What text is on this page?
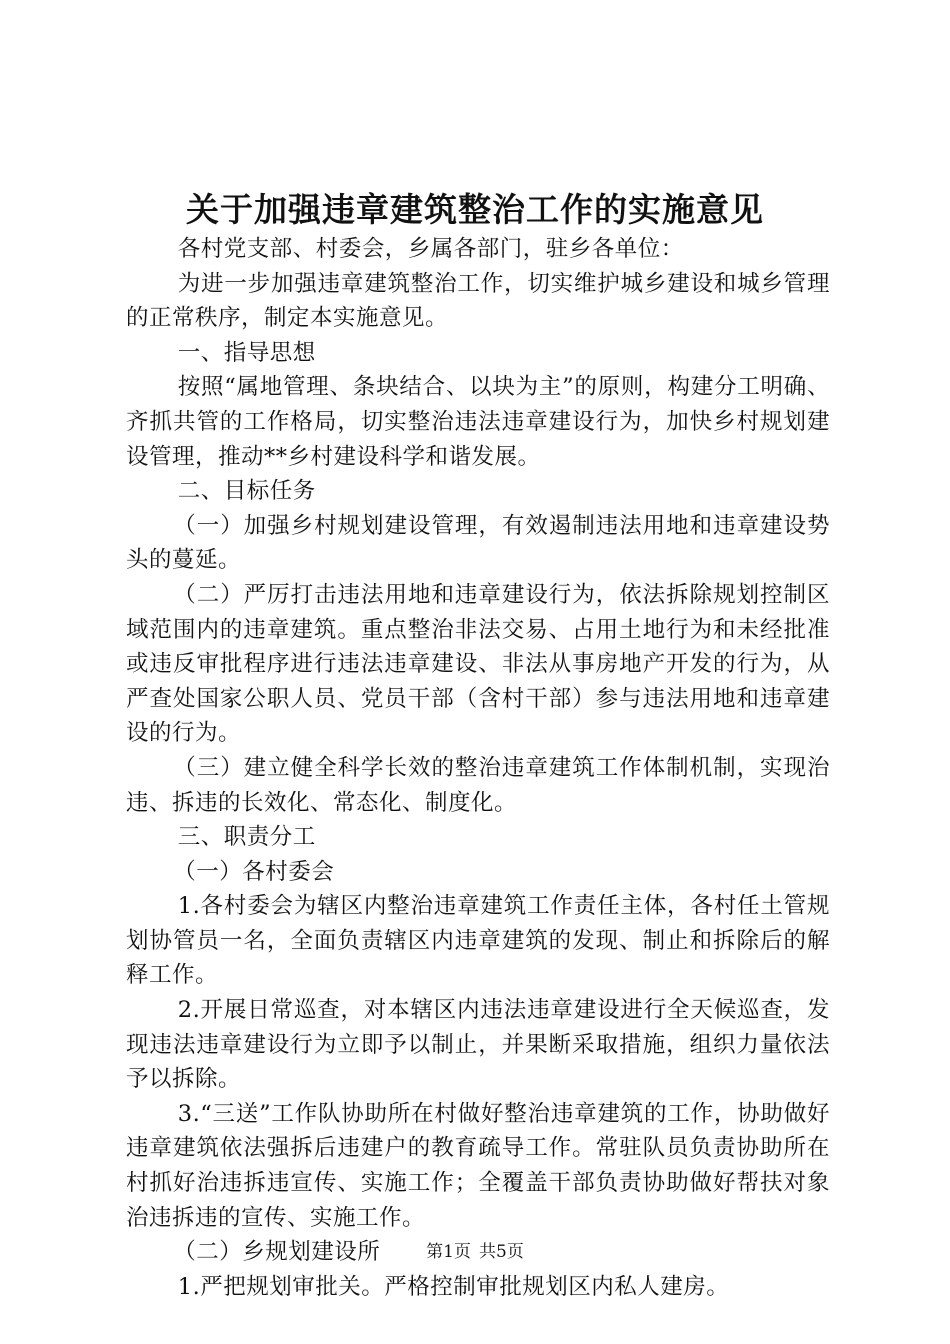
关于加强违章建筑整治工作的实施意见

各村党支部、村委会，乡属各部门，驻乡各单位：

为进一步加强违章建筑整治工作，切实维护城乡建设和城乡管理的正常秩序，制定本实施意见。

一、指导思想

按照“属地管理、条块结合、以块为主”的原则，构建分工明确、齐抓共管的工作格局，切实整治违法违章建设行为，加快乡村规划建设管理，推动**乡村建设科学和谐发展。

二、目标任务

（一）加强乡村规划建设管理，有效遏制违法用地和违章建设势头的蔓延。

（二）严厉打击违法用地和违章建设行为，依法拆除规划控制区域范围内的违章建筑。重点整治非法交易、占用土地行为和未经批准或违反审批程序进行违法违章建设、非法从事房地产开发的行为，从严查处国家公职人员、党员干部（含村干部）参与违法用地和违章建设的行为。

（三）建立健全科学长效的整治违章建筑工作体制机制，实现治违、拆违的长效化、常态化、制度化。

三、职责分工

（一）各村委会

1.各村委会为辖区内整治违章建筑工作责任主体，各村任土管规划协管员一名，全面负责辖区内违章建筑的发现、制止和拆除后的解释工作。

2.开展日常巡查，对本辖区内违法违章建设进行全天候巡查，发现违法违章建设行为立即予以制止，并果断采取措施，组织力量依法予以拆除。

3.“三送”工作队协助所在村做好整治违章建筑的工作，协助做好违章建筑依法强拆后违建户的教育疏导工作。常驻队员负责协助所在村抓好治违拆违宣传、实施工作；全覆盖干部负责协助做好帮扶对象治违拆违的宣传、实施工作。

（二）乡规划建设所

1.严把规划审批关。严格控制审批规划区内私人建房。

第1页 共5页
